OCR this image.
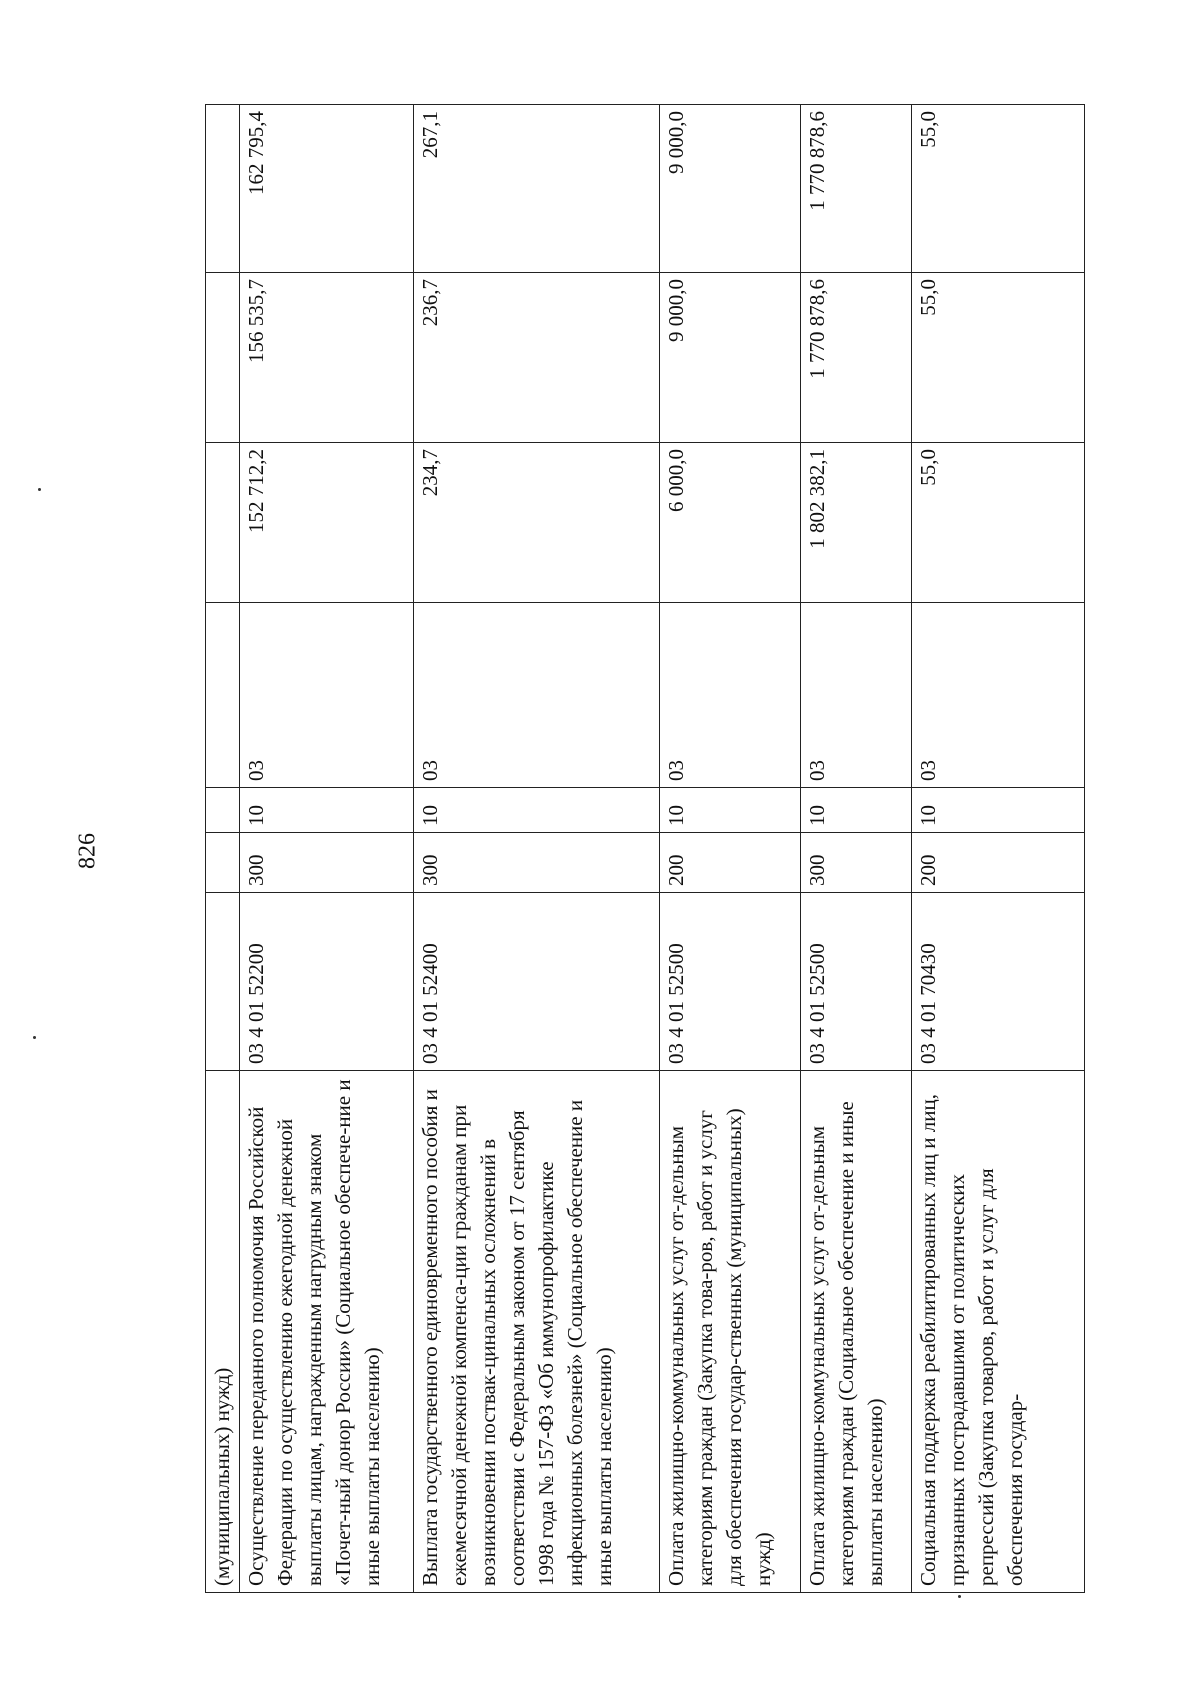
826
(муниципальных) нужд)							
Осуществление переданного полномочия Российской Федерации по осуществлению ежегодной денежной выплаты лицам, награжденным нагрудным знаком «Почет-ный донор России» (Социальное обеспече-ние и иные выплаты населению)	03 4 01 52200	300	10	03	152 712,2	156 535,7	162 795,4
Выплата государственного единовременного пособия и ежемесячной денежной компенса-ции гражданам при возникновении поствак-цинальных осложнений в соответствии с Федеральным законом от 17 сентября 1998 года № 157-ФЗ «Об иммунопрофилактике инфекционных болезней» (Социальное обеспечение и иные выплаты населению)	03 4 01 52400	300	10	03	234,7	236,7	267,1
Оплата жилищно-коммунальных услуг от-дельным категориям граждан (Закупка това-ров, работ и услуг для обеспечения государ-ственных (муниципальных) нужд)	03 4 01 52500	200	10	03	6 000,0	9 000,0	9 000,0
Оплата жилищно-коммунальных услуг от-дельным категориям граждан (Социальное обеспечение и иные выплаты населению)	03 4 01 52500	300	10	03	1 802 382,1	1 770 878,6	1 770 878,6
Социальная поддержка реабилитированных лиц и лиц, признанных пострадавшими от политических репрессий (Закупка товаров, работ и услуг для обеспечения государ-	03 4 01 70430	200	10	03	55,0	55,0	55,0
